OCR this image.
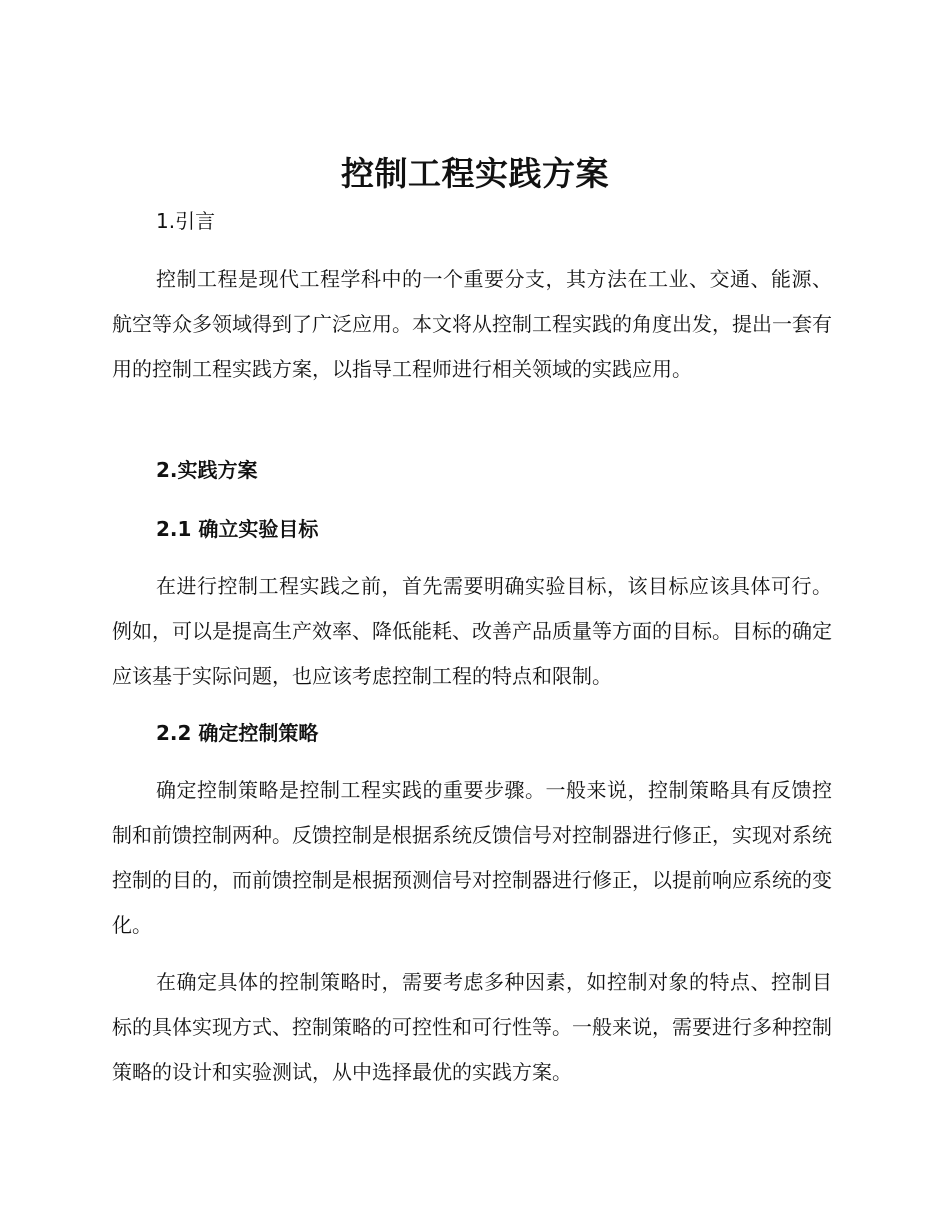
控制工程实践方案
1.引言

控制工程是现代工程学科中的一个重要分支，其方法在工业、交通、能源、航空等众多领域得到了广泛应用。本文将从控制工程实践的角度出发，提出一套有用的控制工程实践方案，以指导工程师进行相关领域的实践应用。

2.实践方案
2.1 确立实验目标

在进行控制工程实践之前，首先需要明确实验目标，该目标应该具体可行。例如，可以是提高生产效率、降低能耗、改善产品质量等方面的目标。目标的确定应该基于实际问题，也应该考虑控制工程的特点和限制。

2.2 确定控制策略

确定控制策略是控制工程实践的重要步骤。一般来说，控制策略具有反馈控制和前馈控制两种。反馈控制是根据系统反馈信号对控制器进行修正，实现对系统控制的目的，而前馈控制是根据预测信号对控制器进行修正，以提前响应系统的变化。

在确定具体的控制策略时，需要考虑多种因素，如控制对象的特点、控制目标的具体实现方式、控制策略的可控性和可行性等。一般来说，需要进行多种控制策略的设计和实验测试，从中选择最优的实践方案。
